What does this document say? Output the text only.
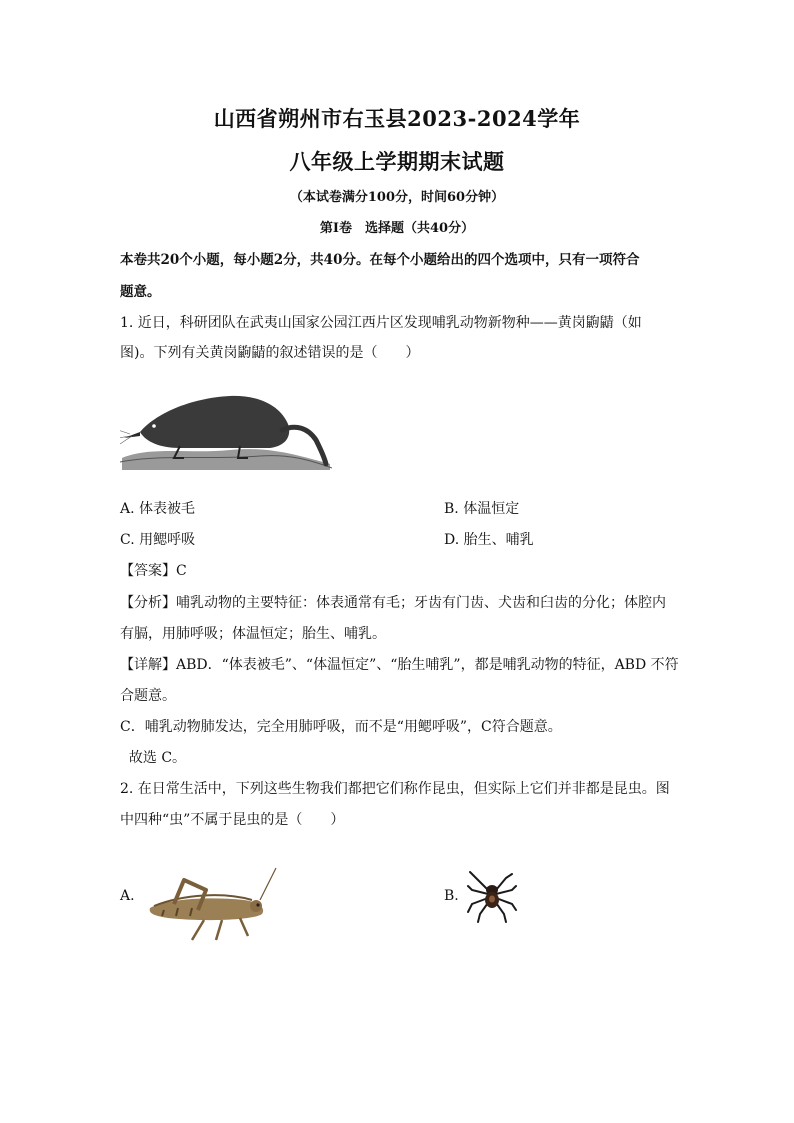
山西省朔州市右玉县2023-2024学年
八年级上学期期末试题
（本试卷满分100分，时间60分钟）
第Ⅰ卷　选择题（共40分）
本卷共20个小题，每小题2分，共40分。在每个小题给出的四个选项中，只有一项符合
题意。
1. 近日，科研团队在武夷山国家公园江西片区发现哺乳动物新物种——黄岗鼩鼱（如
图)。下列有关黄岗鼩鼱的叙述错误的是（　　）
A. 体表被毛	B. 体温恒定
C. 用鳃呼吸	D. 胎生、哺乳
【答案】C
【分析】哺乳动物的主要特征：体表通常有毛；牙齿有门齿、犬齿和臼齿的分化；体腔内
有膈，用肺呼吸；体温恒定；胎生、哺乳。
【详解】ABD．“体表被毛”、“体温恒定”、“胎生哺乳”，都是哺乳动物的特征，ABD 不符
合题意。
C．哺乳动物肺发达，完全用肺呼吸，而不是“用鳃呼吸”，C符合题意。
故选 C。
2. 在日常生活中，下列这些生物我们都把它们称作昆虫，但实际上它们并非都是昆虫。图
中四种“虫”不属于昆虫的是（　　）
A.	B.
